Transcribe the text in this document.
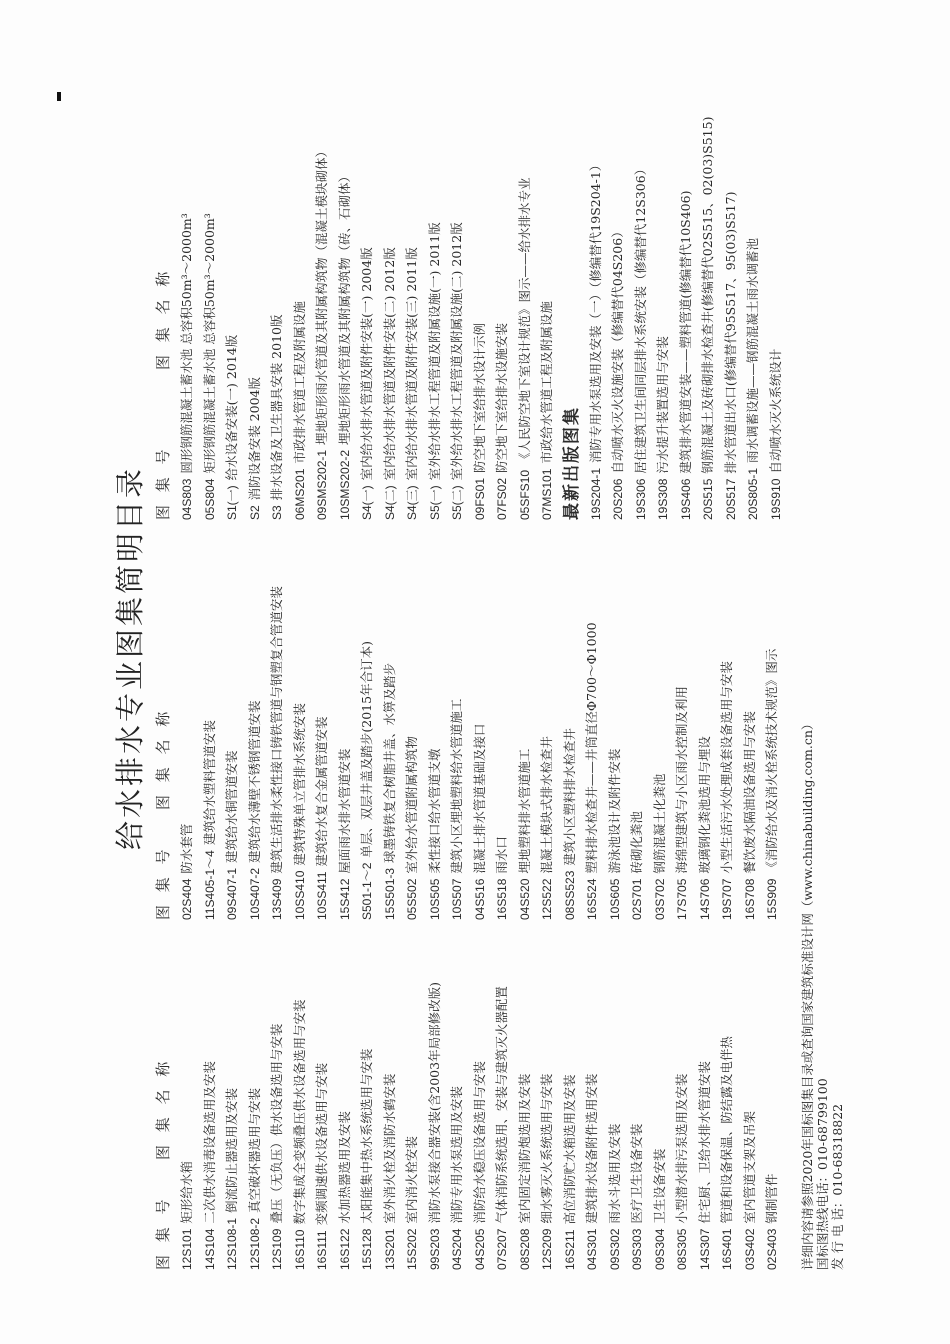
给水排水专业图集简明目录
图 集 号图 集 名 称
12S101矩形给水箱
14S104二次供水消毒设备选用及安装
12S108-1倒流防止器选用及安装
12S108-2真空破坏器选用与安装
12S109叠压（无负压）供水设备选用与安装
16S110数字集成全变频叠压供水设备选用与安装
16S111变频调速供水设备选用与安装
16S122水加热器选用及安装
15S128太阳能集中热水系统选用与安装
13S201室外消火栓及消防水鹤安装
15S202室内消火栓安装
99S203消防水泵接合器安装(含2003年局部修改版)
04S204消防专用水泵选用及安装
04S205消防给水稳压设备选用与安装
07S207气体消防系统选用、安装与建筑灭火器配置
08S208室内固定消防炮选用及安装
12S209细水雾灭火系统选用与安装
16S211高位消防贮水箱选用及安装
04S301建筑排水设备附件选用安装
09S302雨水斗选用及安装
09S303医疗卫生设备安装
09S304卫生设备安装
08S305小型潜水排污泵选用及安装
14S307住宅厨、卫给水排水管道安装
16S401管道和设备保温、防结露及电伴热
03S402室内管道支架及吊架
02S403钢制管件
图 集 号图 集 名 称
02S404防水套管
11S405-1～4建筑给水塑料管道安装
09S407-1建筑给水铜管道安装
10S407-2建筑给水薄壁不锈钢管道安装
13S409建筑生活排水柔性接口铸铁管道与钢塑复合管道安装
10SS410建筑特殊单立管排水系统安装
10SS411建筑给水复合金属管道安装
15S412屋面雨水排水管道安装
S501-1～2单层、双层井盖及踏步(2015年合订本)
15S501-3球墨铸铁复合树脂井盖、水箅及踏步
05S502室外给水管道附属构筑物
10S505柔性接口给水管道支墩
10S507建筑小区埋地塑料给水管道施工
04S516混凝土排水管道基础及接口
16S518雨水口
04S520埋地塑料排水管道施工
12S522混凝土模块式排水检查井
08SS523建筑小区塑料排水检查井
16S524塑料排水检查井——井筒直径Φ700～Φ1000
10S605游泳池设计及附件安装
02S701砖砌化粪池
03S702钢筋混凝土化粪池
17S705海绵型建筑与小区雨水控制及利用
14S706玻璃钢化粪池选用与埋设
19S707小型生活污水处理成套设备选用与安装
16S708餐饮废水隔油设备选用与安装
15S909《消防给水及消火栓系统技术规范》图示
图 集 号图 集 名 称
04S803圆形钢筋混凝土蓄水池 总容积50m³～2000m³
05S804矩形钢筋混凝土蓄水池 总容积50m³～2000m³
S1(一)给水设备安装(一) 2014版
S2消防设备安装 2004版
S3排水设备及卫生器具安装 2010版 06MS201市政排水管道工程及附属设施
09SMS202-1埋地矩形雨水管道及其附属构筑物（混凝土模块砌体）
10SMS202-2埋地矩形雨水管道及其附属构筑物（砖、石砌体）
S4(一)室内给水排水管道及附件安装(一) 2004版
S4(二)室内给水排水管道及附件安装(二) 2012版
S4(三)室内给水排水管道及附件安装(三) 2011版
S5(一)室外给水排水工程管道及附属设施(一) 2011版
S5(二)室外给水排水工程管道及附属设施(二) 2012版
09FS01防空地下室给排水设计示例
07FS02防空地下室给排水设施安装
05SFS10《人民防空地下室设计规范》图示——给水排水专业
07MS101市政给水管道工程及附属设施 最新出版图集 19S204-1消防专用水泵选用及安装（一）（修编替代19S204-1）
20S206自动喷水灭火设施安装（修编替代04S206）
19S306居住建筑卫生间同层排水系统安装（修编替代12S306）
19S308污水提升装置选用与安装
19S406建筑排水管道安装——塑料管道(修编替代10S406)
20S515钢筋混凝土及砖砌排水检查井(修编替代02S515、02(03)S515)
20S517排水管道出水口(修编替代95S517、95(03)S517)
20S805-1雨水调蓄设施——钢筋混凝土雨水调蓄池
19S910自动喷水灭火系统设计
详细内容请参照2020年国标图集目录或查询国家建筑标准设计网（www.chinabuilding.com.cn） 国标图热线电话：010-68799100 发 行 电 话：010-68318822
